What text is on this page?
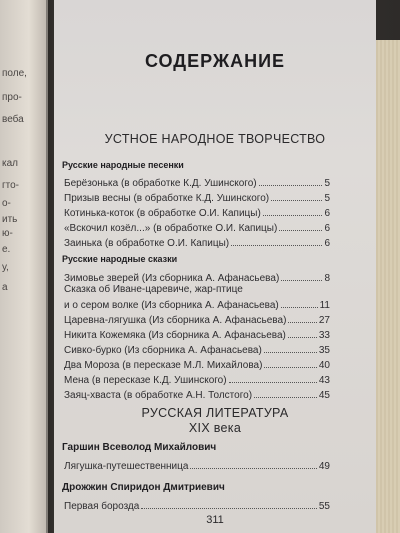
поле,
про-
веба
кал
гто-
о-
ить
ю-
е.
у,
а
СОДЕРЖАНИЕ
УСТНОЕ НАРОДНОЕ ТВОРЧЕСТВО
Русские народные песенки
Берёзонька (в обработке К.Д. Ушинского)	5
Призыв весны (в обработке К.Д. Ушинского)	5
Котинька-коток (в обработке О.И. Капицы)	6
«Вскочил козёл...» (в обработке О.И. Капицы)	6
Заинька (в обработке О.И. Капицы)	6
Русские народные сказки
Зимовье зверей (Из сборника А. Афанасьева)	8
Сказка об Иване-царевиче, жар-птице
и о сером волке (Из сборника А. Афанасьева)	11
Царевна-лягушка (Из сборника А. Афанасьева)	27
Никита Кожемяка (Из сборника А. Афанасьева)	33
Сивко-бурко (Из сборника А. Афанасьева)	35
Два Мороза (в пересказе М.Л. Михайлова)	40
Мена (в пересказе К.Д. Ушинского)	43
Заяц-хваста (в обработке А.Н. Толстого)	45
РУССКАЯ ЛИТЕРАТУРА
XIX века
Гаршин Всеволод Михайлович
Лягушка-путешественница	49
Дрожжин Спиридон Дмитриевич
Первая борозда	55
311
